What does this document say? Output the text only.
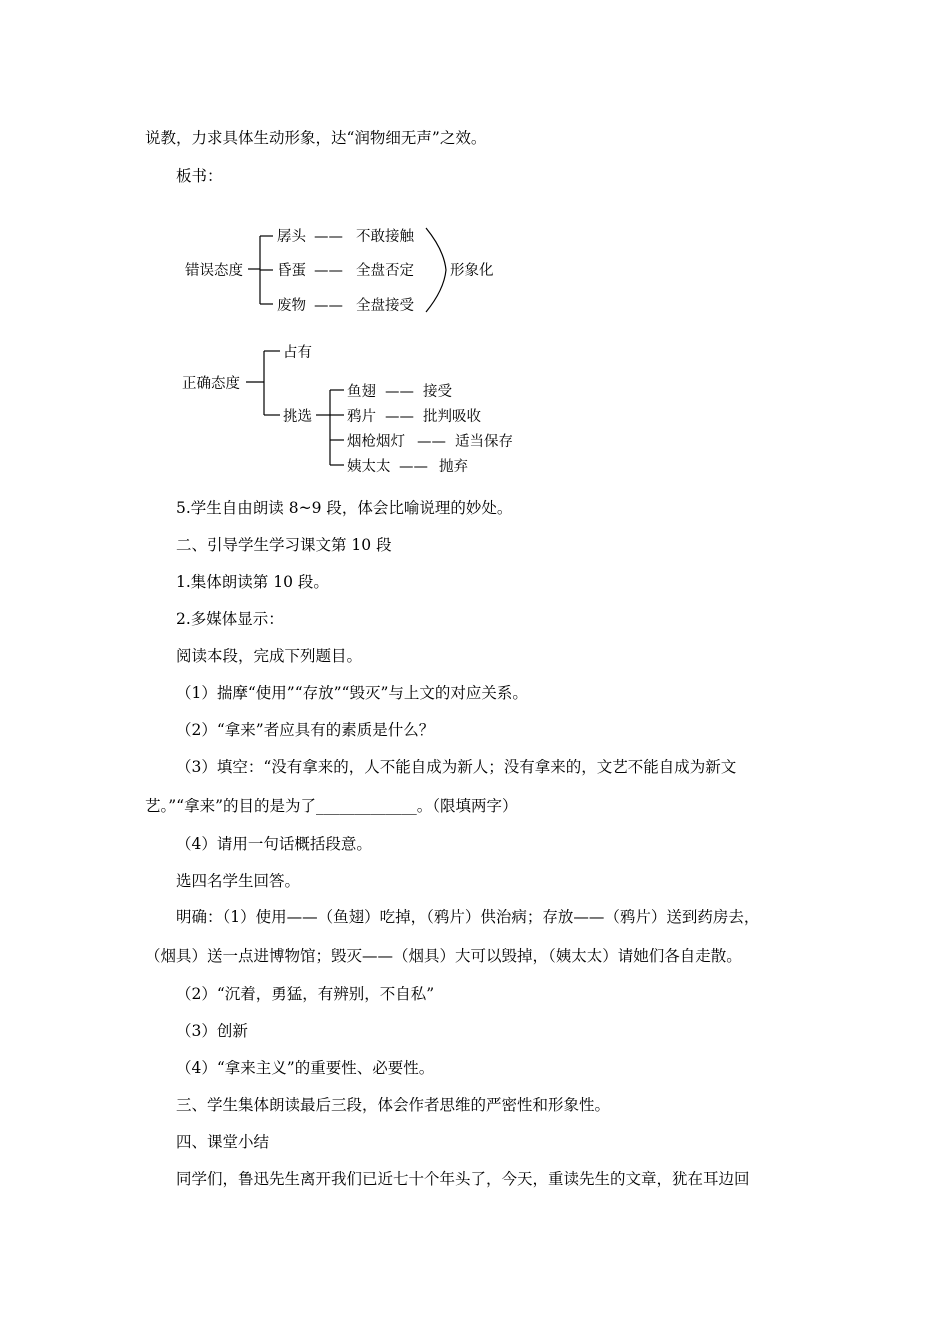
说教，力求具体生动形象，达“润物细无声”之效。
板书：
错误态度
孱头 —— 不敢接触
昏蛋 —— 全盘否定
废物 —— 全盘接受
形象化
正确态度
占有
挑选
鱼翅 —— 接受
鸦片 —— 批判吸收
烟枪烟灯 —— 适当保存
姨太太 —— 抛弃
5.学生自由朗读 8~9 段，体会比喻说理的妙处。
二、引导学生学习课文第 10 段
1.集体朗读第 10 段。
2.多媒体显示：
阅读本段，完成下列题目。
（1）揣摩“使用”“存放”“毁灭”与上文的对应关系。
（2）“拿来”者应具有的素质是什么？
（3）填空：“没有拿来的，人不能自成为新人；没有拿来的，文艺不能自成为新文
艺。”“拿来”的目的是为了_____________。（限填两字）
（4）请用一句话概括段意。
选四名学生回答。
明确：（1）使用——（鱼翅）吃掉，（鸦片）供治病；存放——（鸦片）送到药房去，
（烟具）送一点进博物馆；毁灭——（烟具）大可以毁掉，（姨太太）请她们各自走散。
（2）“沉着，勇猛，有辨别，不自私”
（3）创新
（4）“拿来主义”的重要性、必要性。
三、学生集体朗读最后三段，体会作者思维的严密性和形象性。
四、课堂小结
同学们，鲁迅先生离开我们已近七十个年头了，今天，重读先生的文章，犹在耳边回
